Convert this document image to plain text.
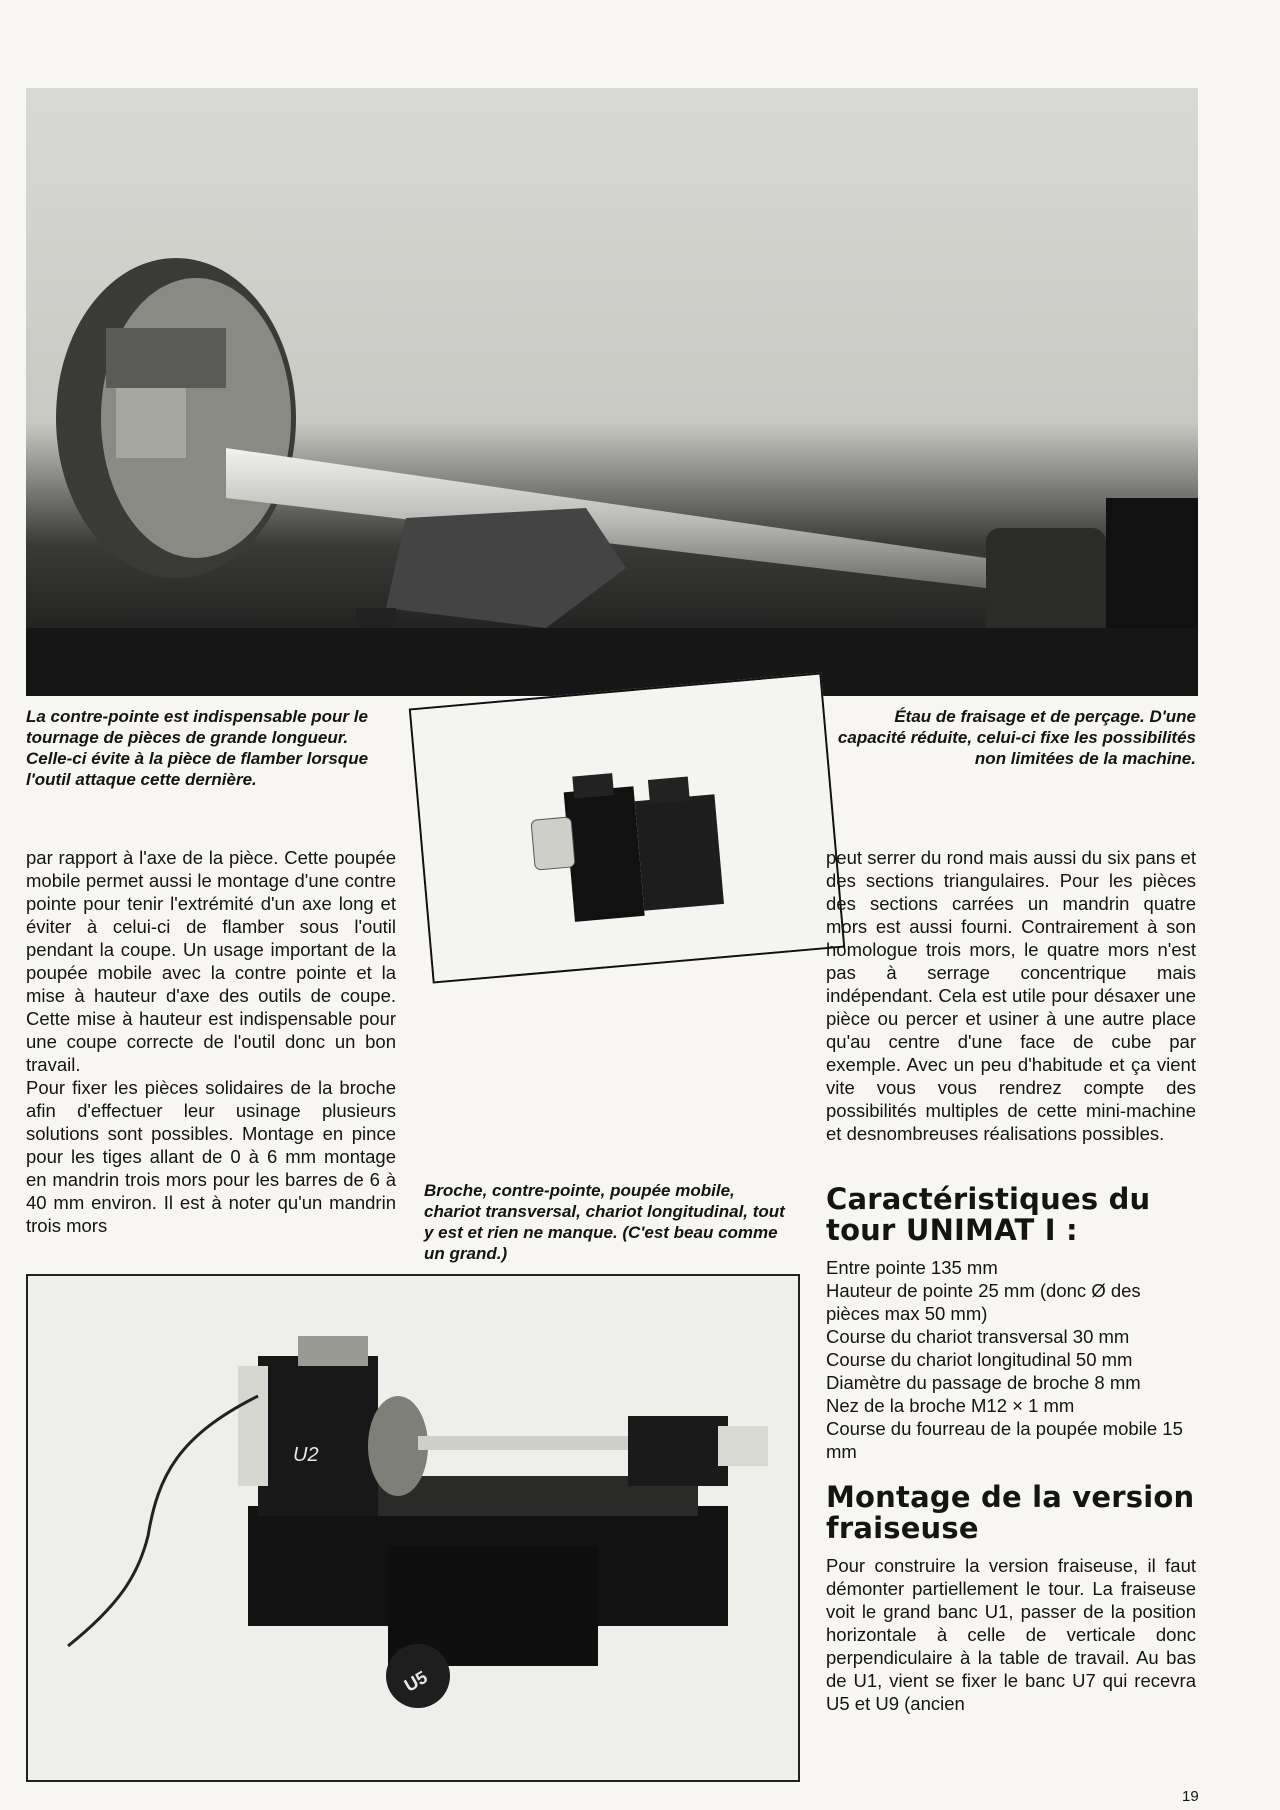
La contre-pointe est indispensable pour le tournage de pièces de grande longueur. Celle-ci évite à la pièce de flamber lorsque l'outil attaque cette dernière.

Étau de fraisage et de perçage. D'une capacité réduite, celui-ci fixe les possibilités non limitées de la machine.

par rapport à l'axe de la pièce. Cette poupée mobile permet aussi le montage d'une contre pointe pour tenir l'extrémité d'un axe long et éviter à celui-ci de flamber sous l'outil pendant la coupe. Un usage important de la poupée mobile avec la contre pointe et la mise à hauteur d'axe des outils de coupe. Cette mise à hauteur est indispensable pour une coupe correcte de l'outil donc un bon travail.

Pour fixer les pièces solidaires de la broche afin d'effectuer leur usinage plusieurs solutions sont possibles. Montage en pince pour les tiges allant de 0 à 6 mm montage en mandrin trois mors pour les barres de 6 à 40 mm environ. Il est à noter qu'un mandrin trois mors

Broche, contre-pointe, poupée mobile, chariot transversal, chariot longitudinal, tout y est et rien ne manque. (C'est beau comme un grand.)

U2
U5

peut serrer du rond mais aussi du six pans et des sections triangulaires. Pour les pièces des sections carrées un mandrin quatre mors est aussi fourni. Contrairement à son homologue trois mors, le quatre mors n'est pas à serrage concentrique mais indépendant. Cela est utile pour désaxer une pièce ou percer et usiner à une autre place qu'au centre d'une face de cube par exemple. Avec un peu d'habitude et ça vient vite vous vous rendrez compte des possibilités multiples de cette mini-machine et desnombreuses réalisations possibles.

Caractéristiques du tour UNIMAT I :
Entre pointe 135 mm
Hauteur de pointe 25 mm (donc Ø des pièces max 50 mm)
Course du chariot transversal 30 mm
Course du chariot longitudinal 50 mm
Diamètre du passage de broche 8 mm
Nez de la broche M12 × 1 mm
Course du fourreau de la poupée mobile 15 mm
Montage de la version fraiseuse

Pour construire la version fraiseuse, il faut démonter partiellement le tour. La fraiseuse voit le grand banc U1, passer de la position horizontale à celle de verticale donc perpendiculaire à la table de travail. Au bas de U1, vient se fixer le banc U7 qui recevra U5 et U9 (ancien

19
